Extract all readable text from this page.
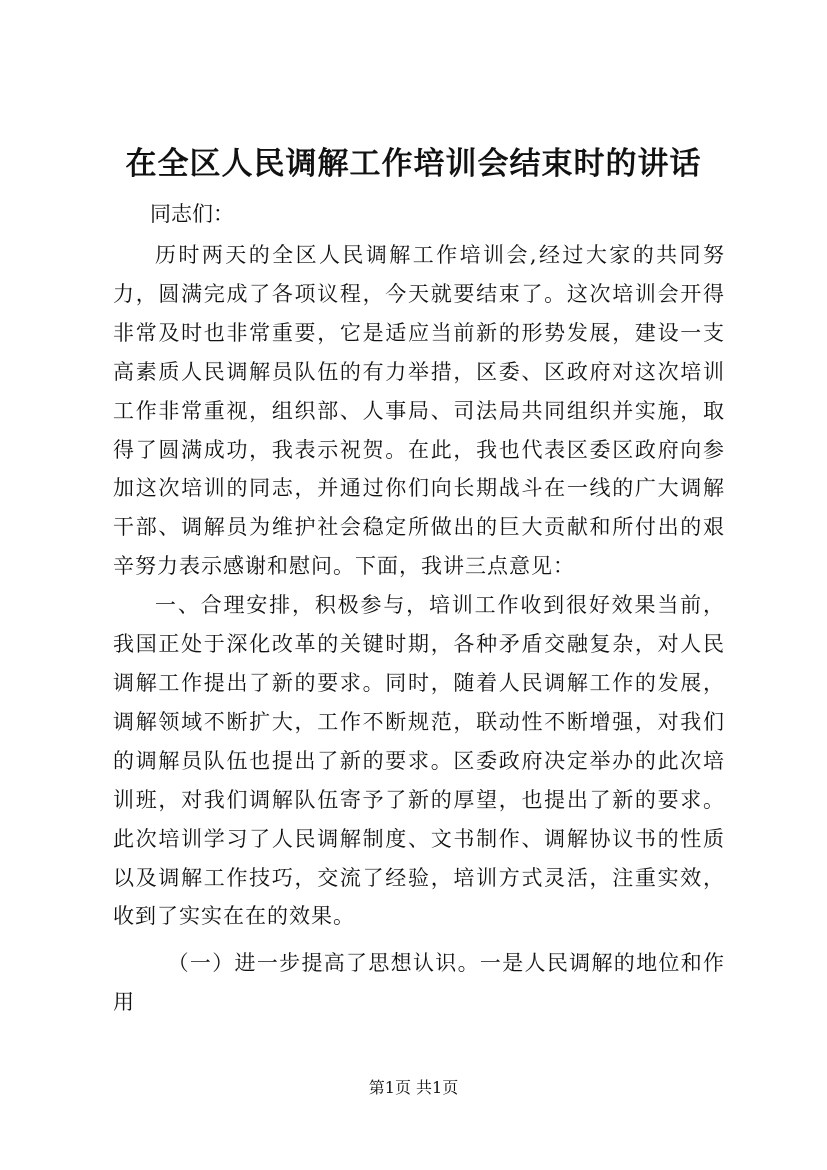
在全区人民调解工作培训会结束时的讲话

同志们：

历时两天的全区人民调解工作培训会,经过大家的共同努力，圆满完成了各项议程，今天就要结束了。这次培训会开得非常及时也非常重要，它是适应当前新的形势发展，建设一支高素质人民调解员队伍的有力举措，区委、区政府对这次培训工作非常重视，组织部、人事局、司法局共同组织并实施，取得了圆满成功，我表示祝贺。在此，我也代表区委区政府向参加这次培训的同志，并通过你们向长期战斗在一线的广大调解干部、调解员为维护社会稳定所做出的巨大贡献和所付出的艰辛努力表示感谢和慰问。下面，我讲三点意见：

一、合理安排，积极参与，培训工作收到很好效果当前，我国正处于深化改革的关键时期，各种矛盾交融复杂，对人民调解工作提出了新的要求。同时，随着人民调解工作的发展，调解领域不断扩大，工作不断规范，联动性不断增强，对我们的调解员队伍也提出了新的要求。区委政府决定举办的此次培训班，对我们调解队伍寄予了新的厚望，也提出了新的要求。此次培训学习了人民调解制度、文书制作、调解协议书的性质以及调解工作技巧，交流了经验，培训方式灵活，注重实效，收到了实实在在的效果。

（一）进一步提高了思想认识。一是人民调解的地位和作用

第1页 共1页
